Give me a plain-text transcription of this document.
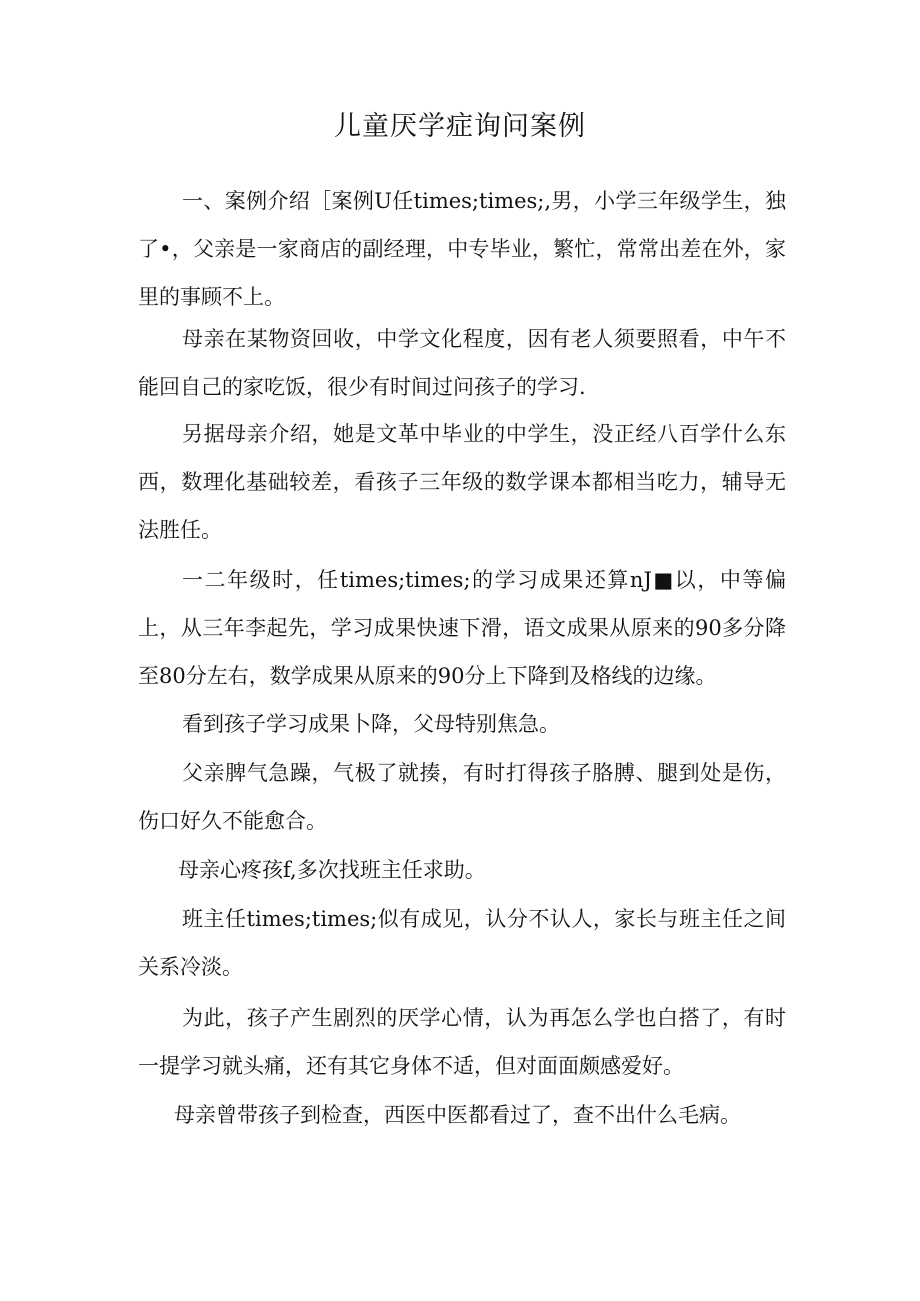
儿童厌学症询问案例

一、案例介绍［案例U任times;times;,男，小学三年级学生，独了•，父亲是一家商店的副经理，中专毕业，繁忙，常常出差在外，家里的事顾不上。

母亲在某物资回收，中学文化程度，因有老人须要照看，中午不能回自己的家吃饭，很少有时间过问孩子的学习.

另据母亲介绍，她是文革中毕业的中学生，没正经八百学什么东西，数理化基础较差，看孩子三年级的数学课本都相当吃力，辅导无法胜任。

一二年级时，任times;times;的学习成果还算nJ■以，中等偏上，从三年李起先，学习成果快速下滑，语文成果从原来的90多分降至80分左右，数学成果从原来的90分上下降到及格线的边缘。

看到孩子学习成果卜降，父母特别焦急。

父亲脾气急躁，气极了就揍，有时打得孩子胳膊、腿到处是伤，伤口好久不能愈合。

母亲心疼孩f,多次找班主任求助。

班主任times;times;似有成见，认分不认人，家长与班主任之间关系冷淡。

为此，孩子产生剧烈的厌学心情，认为再怎么学也白搭了，有时一提学习就头痛，还有其它身体不适，但对面面颇感爱好。

母亲曾带孩子到检查，西医中医都看过了，查不出什么毛病。
